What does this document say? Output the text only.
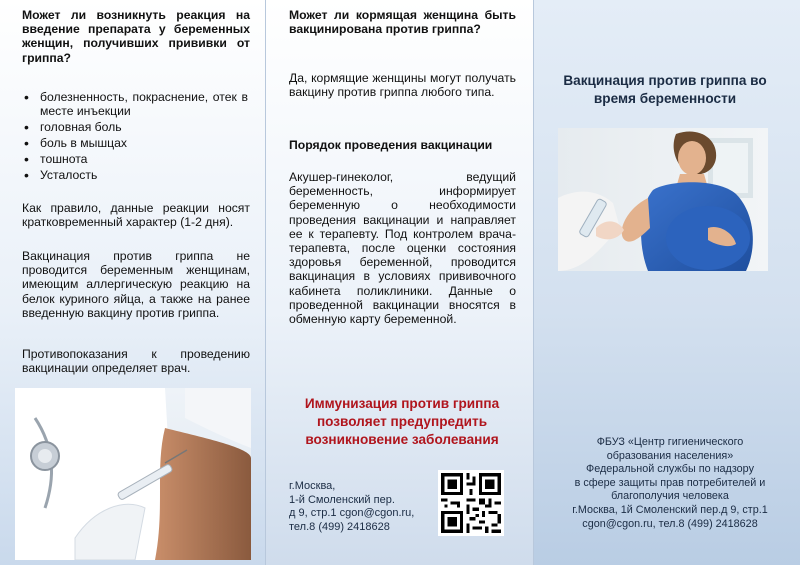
Может ли возникнуть реакция на введение препарата у беременных женщин, получивших прививки от гриппа?
• болезненность, покраснение, отек в месте инъекции
• головная боль
• боль в мышцах
• тошнота
• Усталость
Как правило, данные реакции носят кратковременный характер (1-2 дня).
Вакцинация против гриппа не проводится беременным женщинам, имеющим аллергическую реакцию на белок куриного яйца, а также на ранее введенную вакцину против гриппа.
Противопоказания к проведению вакцинации определяет врач.
Может ли кормящая женщина быть вакцинирована против гриппа?
Да, кормящие женщины могут получать вакцину против гриппа любого типа.
Порядок проведения вакцинации
Акушер-гинеколог, ведущий беременность, информирует беременную о необходимости проведения вакцинации и направляет ее к терапевту. Под контролем врача-терапевта, после оценки состояния здоровья беременной, проводится вакцинация в условиях прививочного кабинета поликлиники. Данные о проведенной вакцинации вносятся в обменную карту беременной.
Иммунизация против гриппа позволяет предупредить возникновение заболевания
г.Москва,
1-й Смоленский пер.
д 9, стр.1 cgon@cgon.ru,
тел.8 (499) 2418628
Вакцинация против гриппа во время беременности
ФБУЗ «Центр гигиенического
образования населения»
Федеральной службы по надзору
в сфере защиты прав потребителей и
благополучия человека
г.Москва, 1й Смоленский пер.д 9, стр.1
cgon@cgon.ru, тел.8 (499) 2418628
